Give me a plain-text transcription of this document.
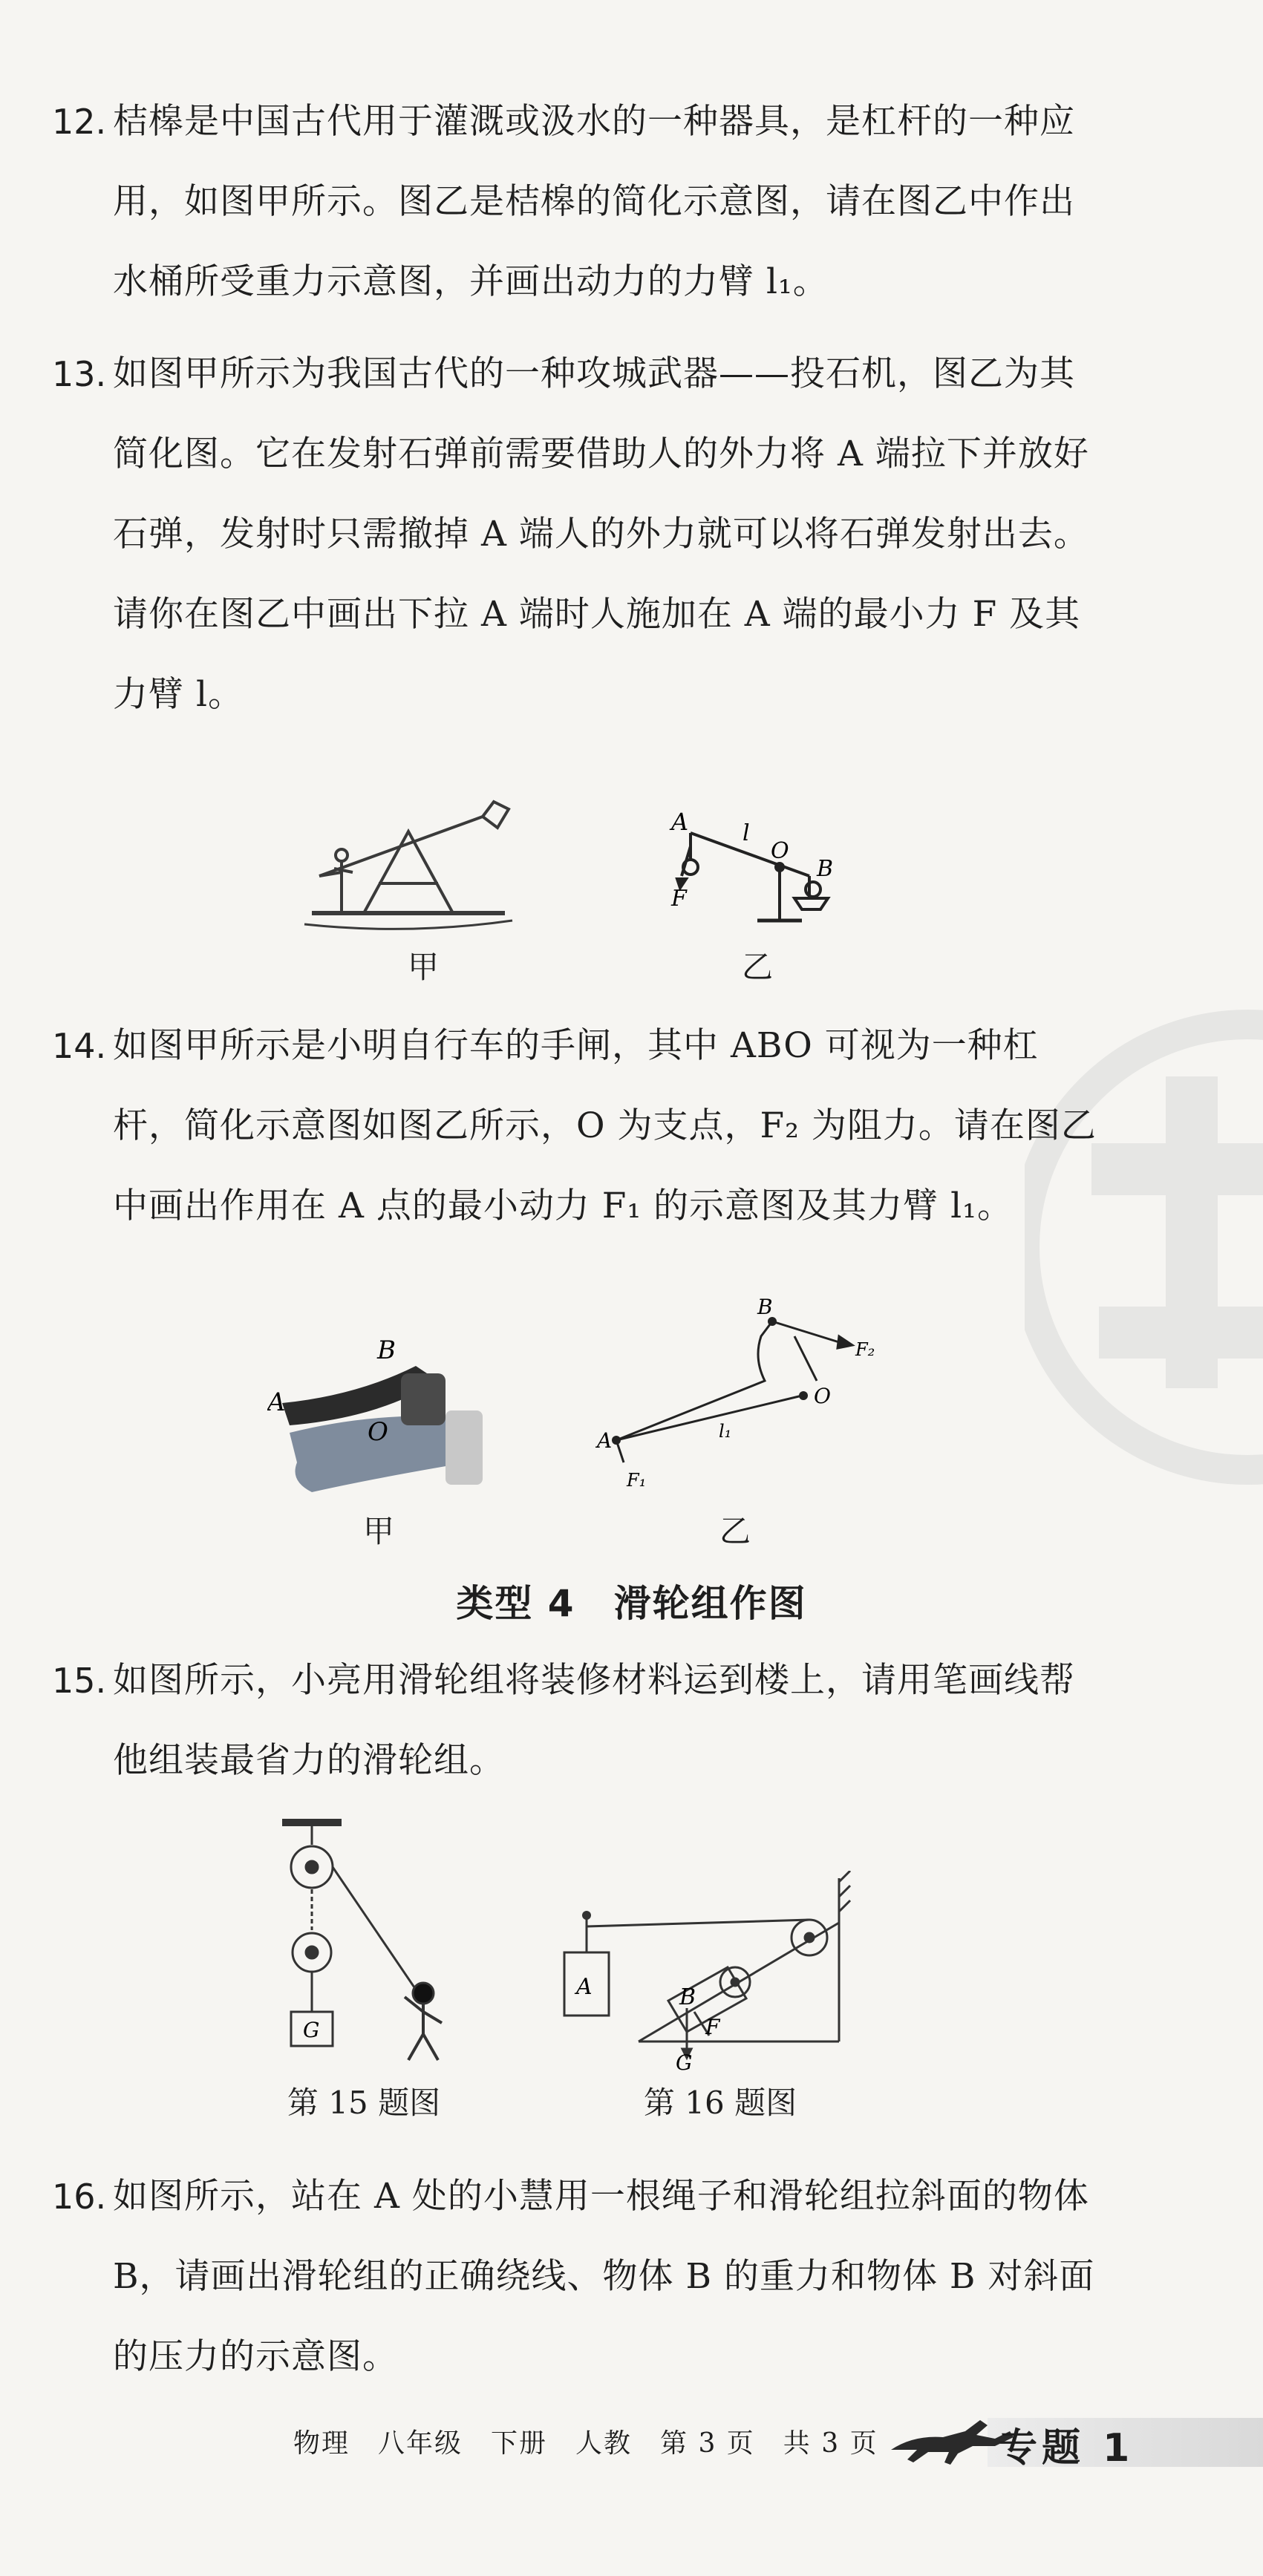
12. 桔槔是中国古代用于灌溉或汲水的一种器具，是杠杆的一种应用，如图甲所示。图乙是桔槔的简化示意图，请在图乙中作出水桶所受重力示意图，并画出动力的力臂 l₁。
13. 如图甲所示为我国古代的一种攻城武器——投石机，图乙为其简化图。它在发射石弹前需要借助人的外力将 A 端拉下并放好石弹，发射时只需撤掉 A 端人的外力就可以将石弹发射出去。请你在图乙中画出下拉 A 端时人施加在 A 端的最小力 F 及其力臂 l。
甲
A l
O
B
F
乙
14. 如图甲所示是小明自行车的手闸，其中 ABO 可视为一种杠杆，简化示意图如图乙所示，O 为支点，F₂ 为阻力。请在图乙中画出作用在 A 点的最小动力 F₁ 的示意图及其力臂 l₁。
A
B
O
甲
A
B
O
F₁
F₂
l₁
乙
类型 4　滑轮组作图
15. 如图所示，小亮用滑轮组将装修材料运到楼上，请用笔画线帮他组装最省力的滑轮组。
G
第 15 题图
A	B
F
G
第 16 题图
16. 如图所示，站在 A 处的小慧用一根绳子和滑轮组拉斜面的物体 B，请画出滑轮组的正确绕线、物体 B 的重力和物体 B 对斜面的压力的示意图。
物理　八年级　下册　人教　第 3 页　共 3 页	专题 1
